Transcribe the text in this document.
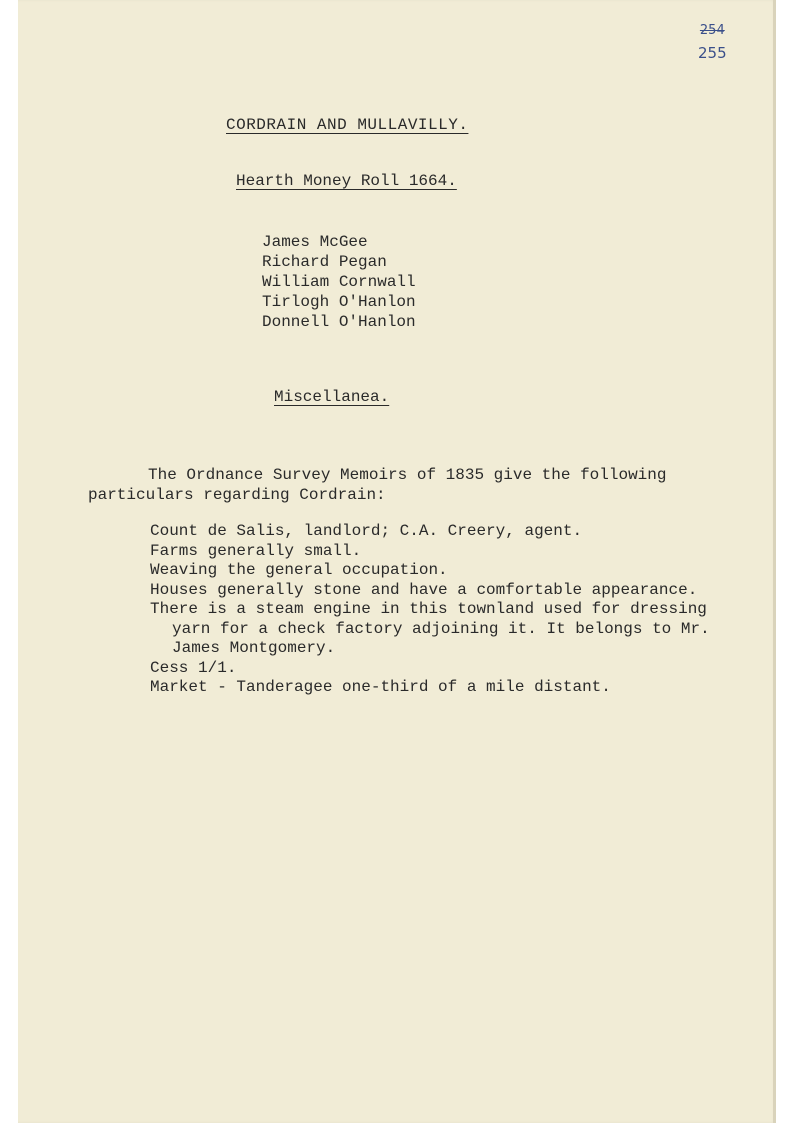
254
255
CORDRAIN AND MULLAVILLY.
Hearth Money Roll 1664.
James McGee
Richard Pegan
William Cornwall
Tirlogh O'Hanlon
Donnell O'Hanlon
Miscellanea.

The Ordnance Survey Memoirs of 1835 give the following particulars regarding Cordrain:

Count de Salis, landlord; C.A. Creery, agent.
Farms generally small.
Weaving the general occupation.
Houses generally stone and have a comfortable appearance.
There is a steam engine in this townland used for dressing yarn for a check factory adjoining it. It belongs to Mr. James Montgomery.
Cess 1/1.
Market - Tanderagee one-third of a mile distant.
